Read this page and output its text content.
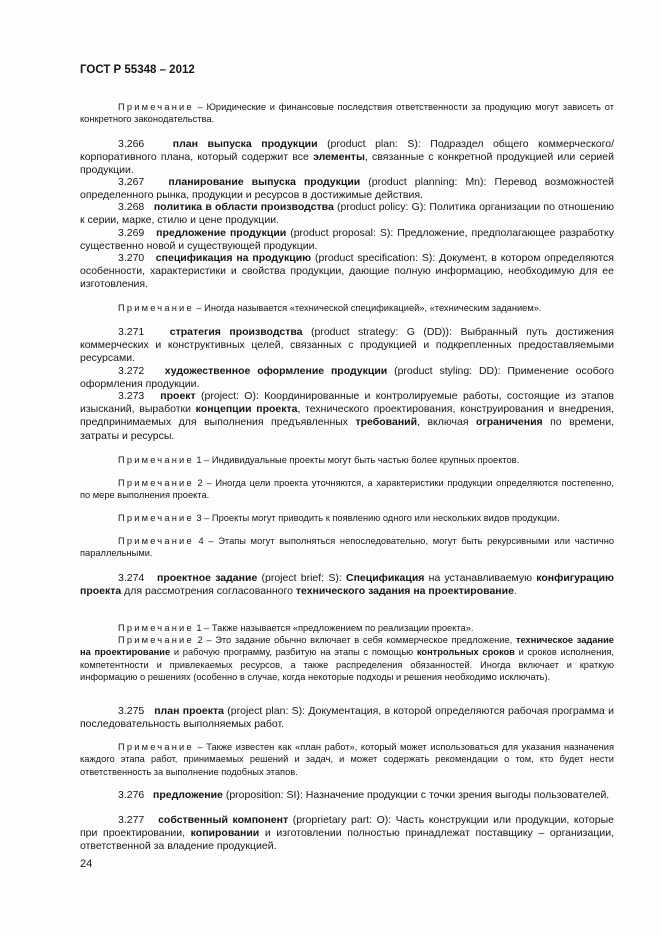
ГОСТ Р 55348 – 2012
Примечание – Юридические и финансовые последствия ответственности за продукцию могут зависеть от конкретного законодательства.
3.266	план выпуска продукции (product plan: S): Подраздел общего коммерческого/корпоративного плана, который содержит все элементы, связанные с конкретной продукцией или серией продукции.
3.267 планирование выпуска продукции (product planning: Mn): Перевод возможностей определенного рынка, продукции и ресурсов в достижимые действия.
3.268 политика в области производства (product policy: G): Политика организации по отношению к серии, марке, стилю и цене продукции.
3.269 предложение продукции (product proposal: S): Предложение, предполагающее разработку существенно новой и существующей продукции.
3.270 спецификация на продукцию (product specification: S): Документ, в котором определяются особенности, характеристики и свойства продукции, дающие полную информацию, необходимую для ее изготовления.
Примечание – Иногда называется «технической спецификацией», «техническим заданием».
3.271 стратегия производства (product strategy: G (DD)): Выбранный путь достижения коммерческих и конструктивных целей, связанных с продукцией и подкрепленных предоставляемыми ресурсами.
3.272 художественное оформление продукции (product styling: DD): Применение особого оформления продукции.
3.273 проект (project: O): Координированные и контролируемые работы, состоящие из этапов изысканий, выработки концепции проекта, технического проектирования, конструирования и внедрения, предпринимаемых для выполнения предъявленных требований, включая ограничения по времени, затраты и ресурсы.
Примечание 1 – Индивидуальные проекты могут быть частью более крупных проектов.
Примечание 2 – Иногда цели проекта уточняются, а характеристики продукции определяются постепенно, по мере выполнения проекта.
Примечание 3 – Проекты могут приводить к появлению одного или нескольких видов продукции.
Примечание 4 – Этапы могут выполняться непоследовательно, могут быть рекурсивными или частично параллельными.
3.274 проектное задание (project brief: S): Спецификация на устанавливаемую конфигурацию проекта для рассмотрения согласованного технического задания на проектирование.
Примечание 1 – Также называется «предложением по реализации проекта».
Примечание 2 – Это задание обычно включает в себя коммерческое предложение, техническое задание на проектирование и рабочую программу, разбитую на этапы с помощью контрольных сроков и сроков исполнения, компетентности и привлекаемых ресурсов, а также распределения обязанностей. Иногда включает и краткую информацию о решениях (особенно в случае, когда некоторые подходы и решения необходимо исключать).
3.275 план проекта (project plan: S): Документация, в которой определяются рабочая программа и последовательность выполняемых работ.
Примечание – Также известен как «план работ», который может использоваться для указания назначения каждого этапа работ, принимаемых решений и задач, и может содержать рекомендации о том, кто будет нести ответственность за выполнение подобных этапов.
3.276 предложение (proposition: SI): Назначение продукции с точки зрения выгоды пользователей.
3.277 собственный компонент (proprietary part: O): Часть конструкции или продукции, которые при проектировании, копировании и изготовлении полностью принадлежат поставщику – организации, ответственной за владение продукцией.
24
